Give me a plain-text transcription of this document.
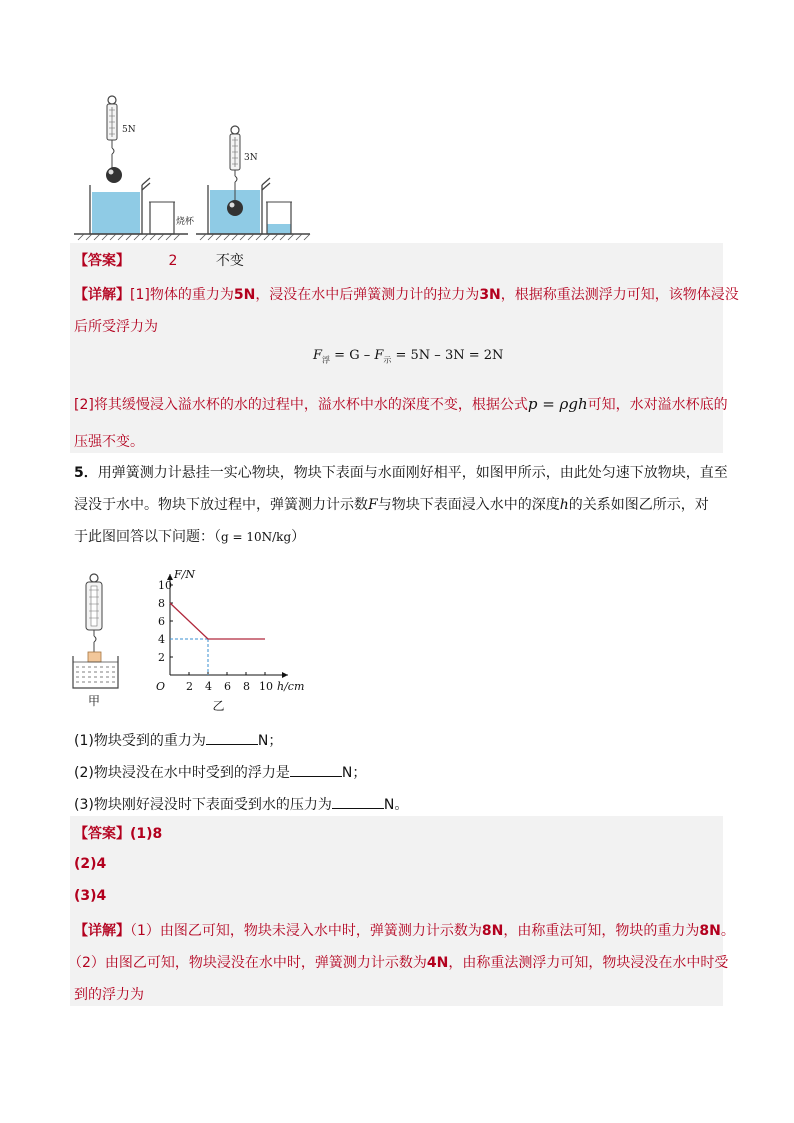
5N
烧杯
3N
【答案】	2	不变
【详解】[1]物体的重力为5N，浸没在水中后弹簧测力计的拉力为3N，根据称重法测浮力可知，该物体浸没
后所受浮力为
$F_浮 = G - F_示 = 5N - 3N = 2N$
[2]将其缓慢浸入溢水杯的水的过程中，溢水杯中水的深度不变，根据公式p = ρgh可知，水对溢水杯底的
压强不变。
5．用弹簧测力计悬挂一实心物块，物块下表面与水面刚好相平，如图甲所示，由此处匀速下放物块，直至
浸没于水中。物块下放过程中，弹簧测力计示数F与物块下表面浸入水中的深度h的关系如图乙所示，对
于此图回答以下问题：（g = 10N/kg）
甲
2
4
6
8
10
2 4 6 8 10
O	h/cm
F/N
乙
(1)物块受到的重力为	N；
(2)物块浸没在水中时受到的浮力是	N；
(3)物块刚好浸没时下表面受到水的压力为	N。
【答案】(1)8
(2)4
(3)4
【详解】（1）由图乙可知，物块未浸入水中时，弹簧测力计示数为8N，由称重法可知，物块的重力为8N。
（2）由图乙可知，物块浸没在水中时，弹簧测力计示数为4N，由称重法测浮力可知，物块浸没在水中时受
到的浮力为
